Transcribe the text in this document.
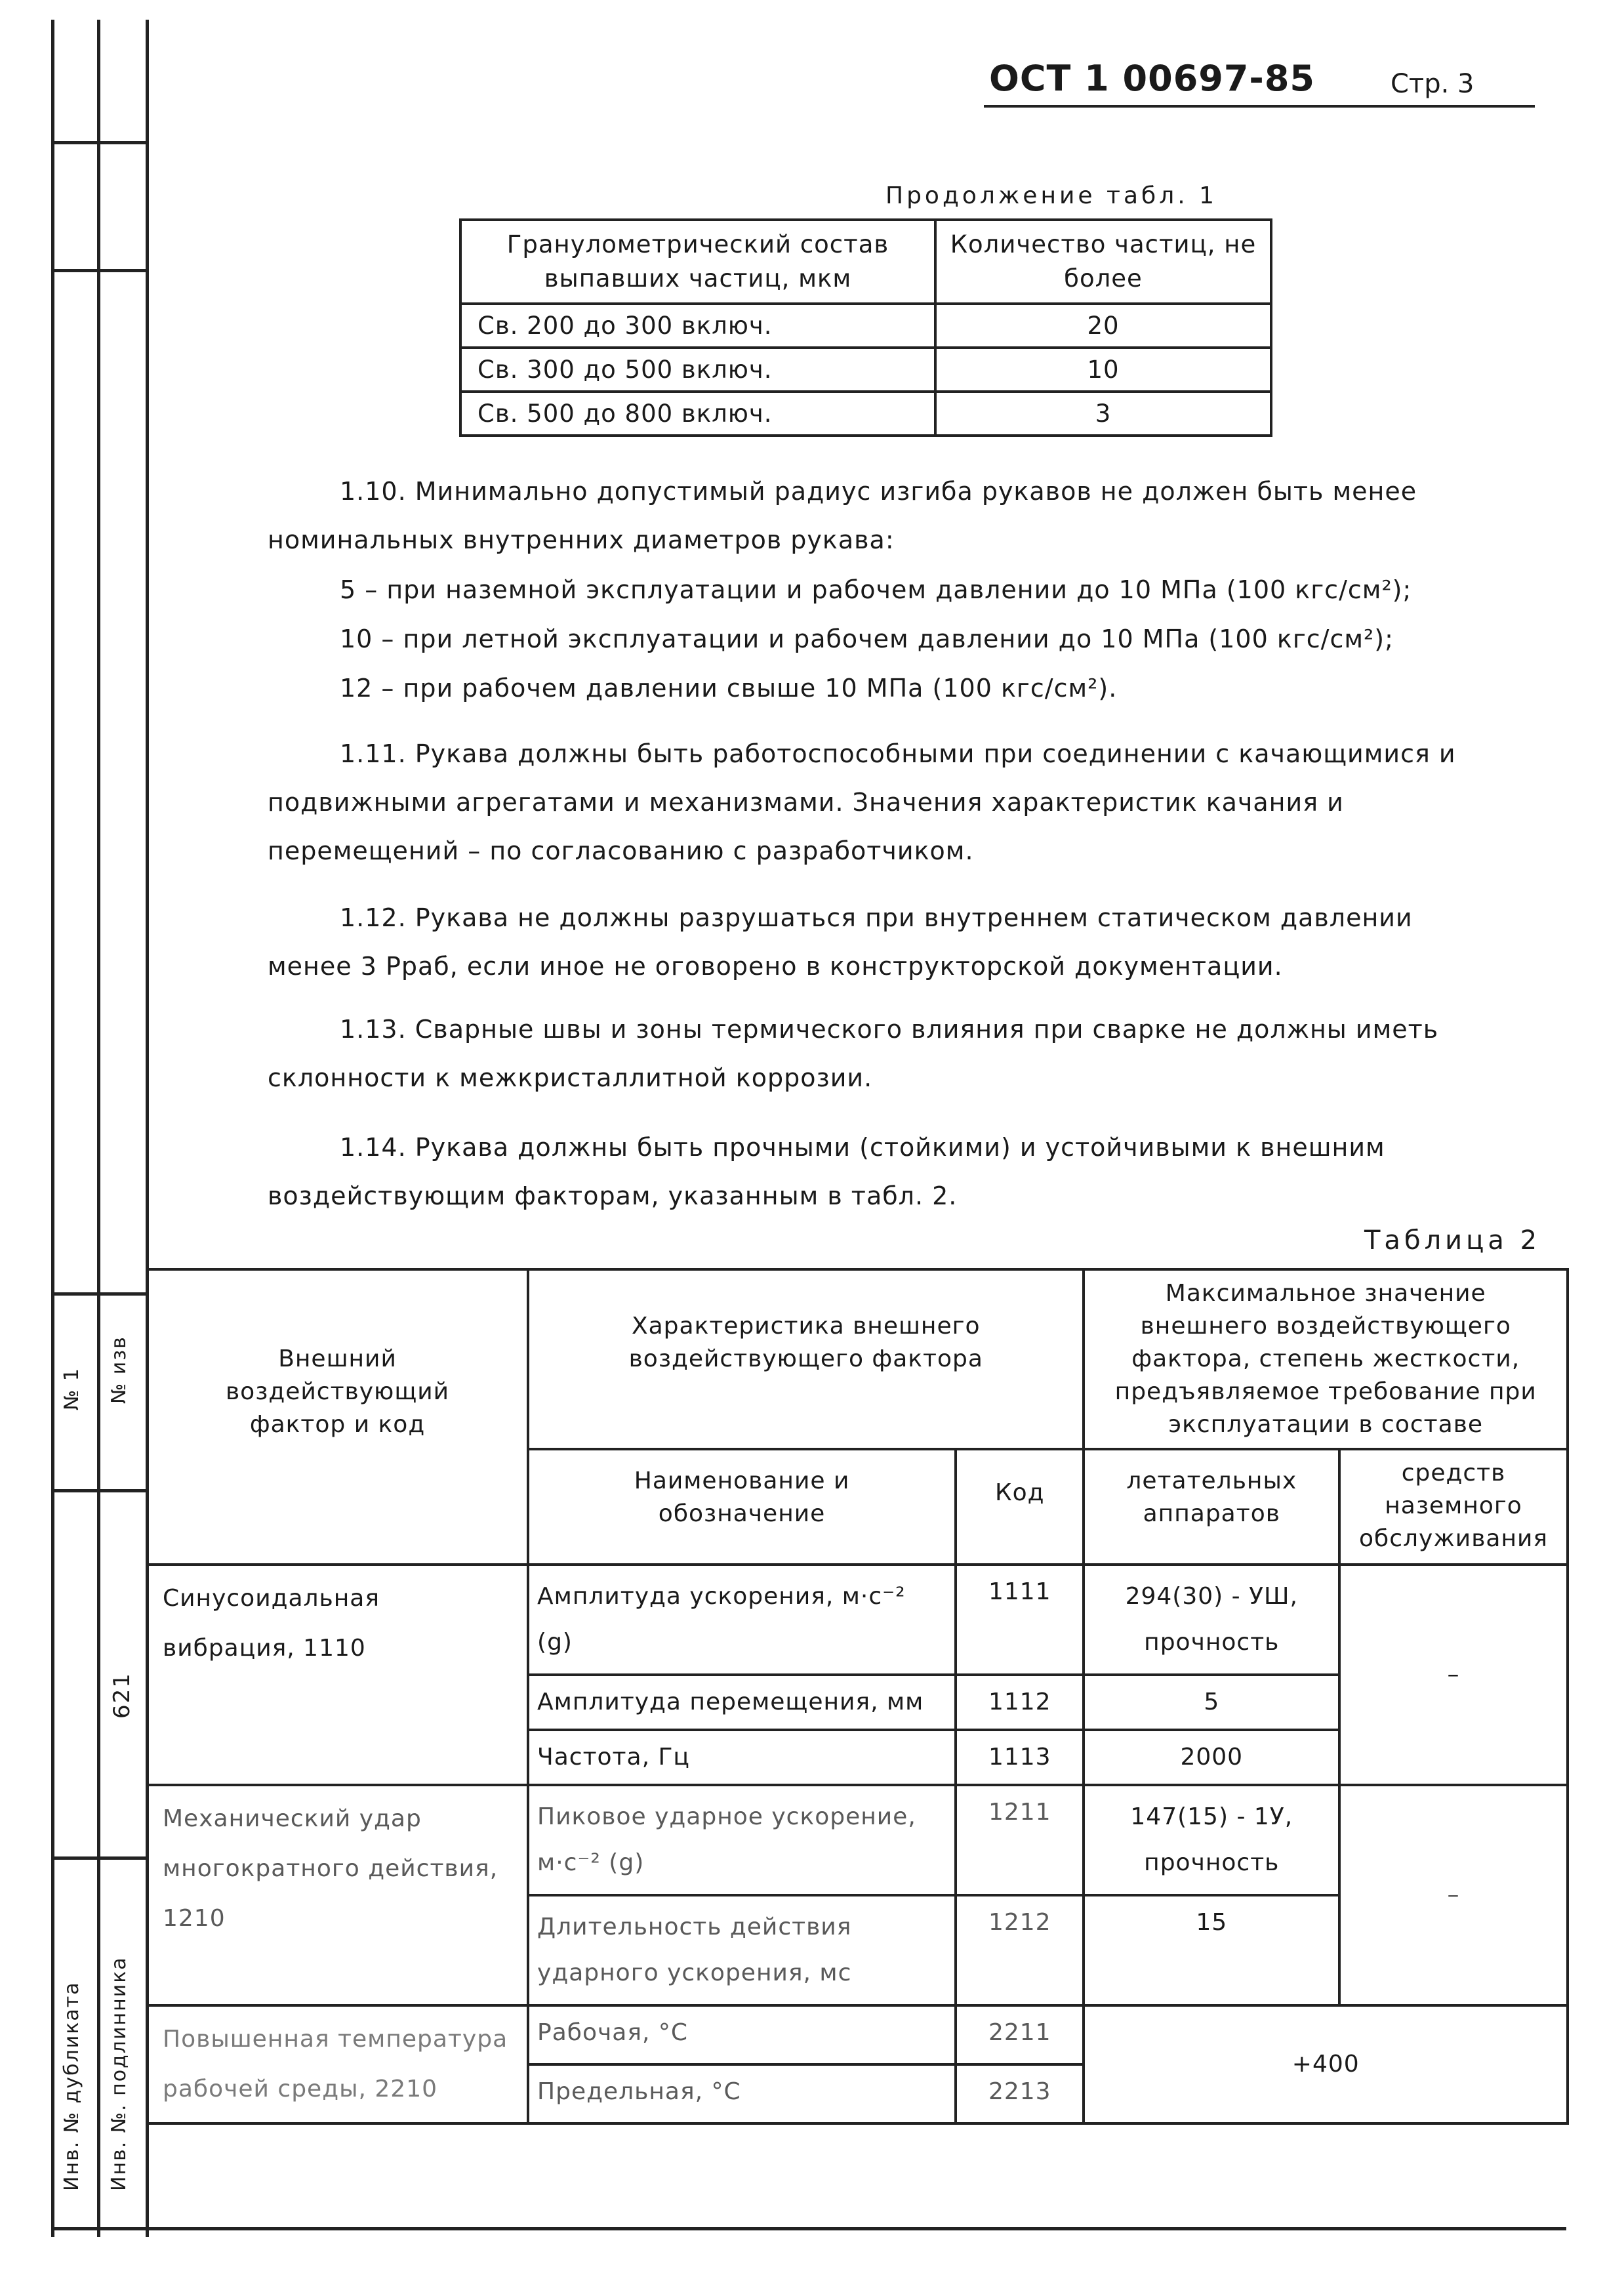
№ 1 № изв
621
Инв. № дубликата Инв. №. подлинника
ОСТ 1 00697-85	Стр. 3
Продолжение табл. 1
Гранулометрический состав выпавших частиц, мкм	Количество частиц, не более
Св. 200 до 300 включ.	20
Св. 300 до 500 включ.	10
Св. 500 до 800 включ.	3
1.10. Минимально допустимый радиус изгиба рукавов не должен быть менее номинальных внутренних диаметров рукава:
5 – при наземной эксплуатации и рабочем давлении до 10 МПа (100 кгс/см²);
10 – при летной эксплуатации и рабочем давлении до 10 МПа (100 кгс/см²);
12 – при рабочем давлении свыше 10 МПа (100 кгс/см²).
1.11. Рукава должны быть работоспособными при соединении с качающимися и подвижными агрегатами и механизмами. Значения характеристик качания и перемещений – по согласованию с разработчиком.
1.12. Рукава не должны разрушаться при внутреннем статическом давлении менее 3 Pраб, если иное не оговорено в конструкторской документации.
1.13. Сварные швы и зоны термического влияния при сварке не должны иметь склонности к межкристаллитной коррозии.
1.14. Рукава должны быть прочными (стойкими) и устойчивыми к внешним воздействующим факторам, указанным в табл. 2.
Таблица 2
Внешний воздействующий фактор и код	Характеристика внешнего воздействующего фактора		Максимальное значение внешнего воздействующего фактора, степень жесткости, предъявляемое требование при эксплуатации в составе	
	Наименование и обозначение	Код	летательных аппаратов	средств наземного обслуживания
Синусоидальная вибрация, 1110	Амплитуда ускорения, м·с⁻² (g)	1111	294(30) - УШ, прочность	–
	Амплитуда перемещения, мм	1112	5	
	Частота, Гц	1113	2000	
Механический удар многократного действия, 1210	Пиковое ударное ускорение, м·с⁻² (g)	1211	147(15) - 1У, прочность	–
	Длительность действия ударного ускорения, мс	1212	15	
Повышенная температура рабочей среды, 2210	Рабочая, °С	2211	+400	
	Предельная, °С	2213		
